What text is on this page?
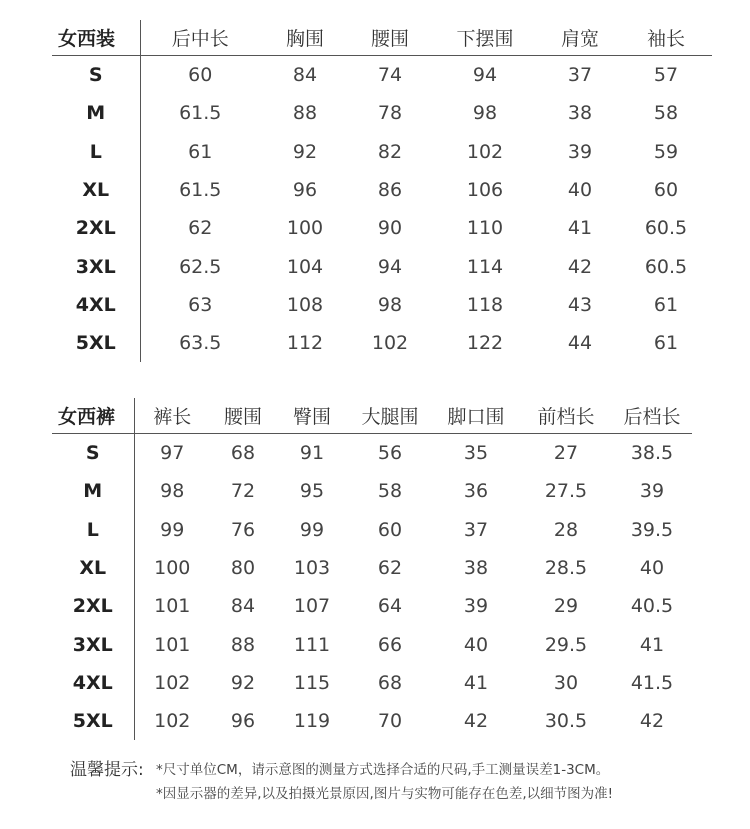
女西装	后中长	胸围	腰围	下摆围	肩宽	袖长
S	60	84	74	94	37	57
M	61.5	88	78	98	38	58
L	61	92	82	102	39	59
XL	61.5	96	86	106	40	60
2XL	62	100	90	110	41	60.5
3XL	62.5	104	94	114	42	60.5
4XL	63	108	98	118	43	61
5XL	63.5	112	102	122	44	61
女西裤	裤长	腰围	臀围	大腿围	脚口围	前档长	后档长
S	97	68	91	56	35	27	38.5
M	98	72	95	58	36	27.5	39
L	99	76	99	60	37	28	39.5
XL	100	80	103	62	38	28.5	40
2XL	101	84	107	64	39	29	40.5
3XL	101	88	111	66	40	29.5	41
4XL	102	92	115	68	41	30	41.5
5XL	102	96	119	70	42	30.5	42
温馨提示: *尺寸单位CM，请示意图的测量方式选择合适的尺码,手工测量误差1-3CM。
*因显示器的差异,以及拍摄光景原因,图片与实物可能存在色差,以细节图为准!
